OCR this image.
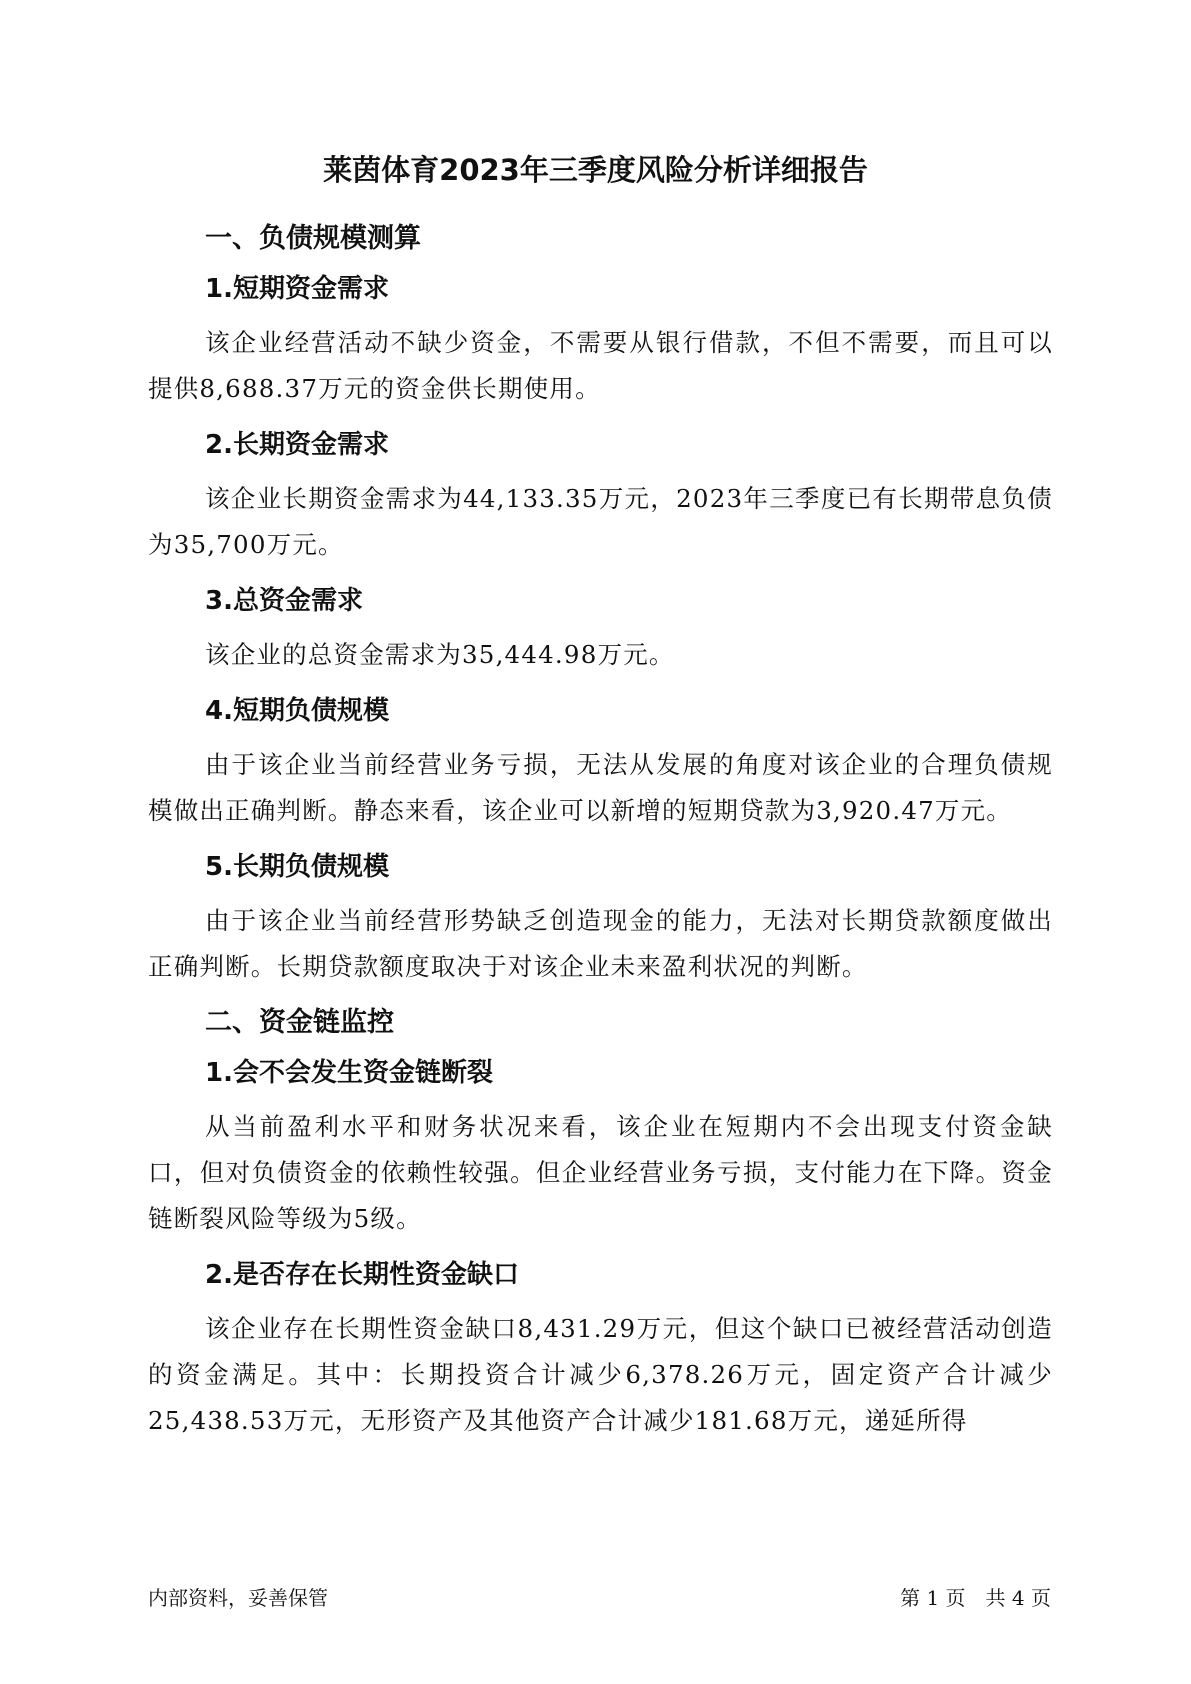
莱茵体育2023年三季度风险分析详细报告
一、负债规模测算
1.短期资金需求

该企业经营活动不缺少资金，不需要从银行借款，不但不需要，而且可以提供8,688.37万元的资金供长期使用。

2.长期资金需求

该企业长期资金需求为44,133.35万元，2023年三季度已有长期带息负债为35,700万元。

3.总资金需求

该企业的总资金需求为35,444.98万元。

4.短期负债规模

由于该企业当前经营业务亏损，无法从发展的角度对该企业的合理负债规模做出正确判断。静态来看，该企业可以新增的短期贷款为3,920.47万元。

5.长期负债规模

由于该企业当前经营形势缺乏创造现金的能力，无法对长期贷款额度做出正确判断。长期贷款额度取决于对该企业未来盈利状况的判断。

二、资金链监控
1.会不会发生资金链断裂

从当前盈利水平和财务状况来看，该企业在短期内不会出现支付资金缺口，但对负债资金的依赖性较强。但企业经营业务亏损，支付能力在下降。资金链断裂风险等级为5级。

2.是否存在长期性资金缺口

该企业存在长期性资金缺口8,431.29万元，但这个缺口已被经营活动创造的资金满足。其中：长期投资合计减少6,378.26万元，固定资产合计减少25,438.53万元，无形资产及其他资产合计减少181.68万元，递延所得

内部资料，妥善保管	第 1 页　共 4 页
